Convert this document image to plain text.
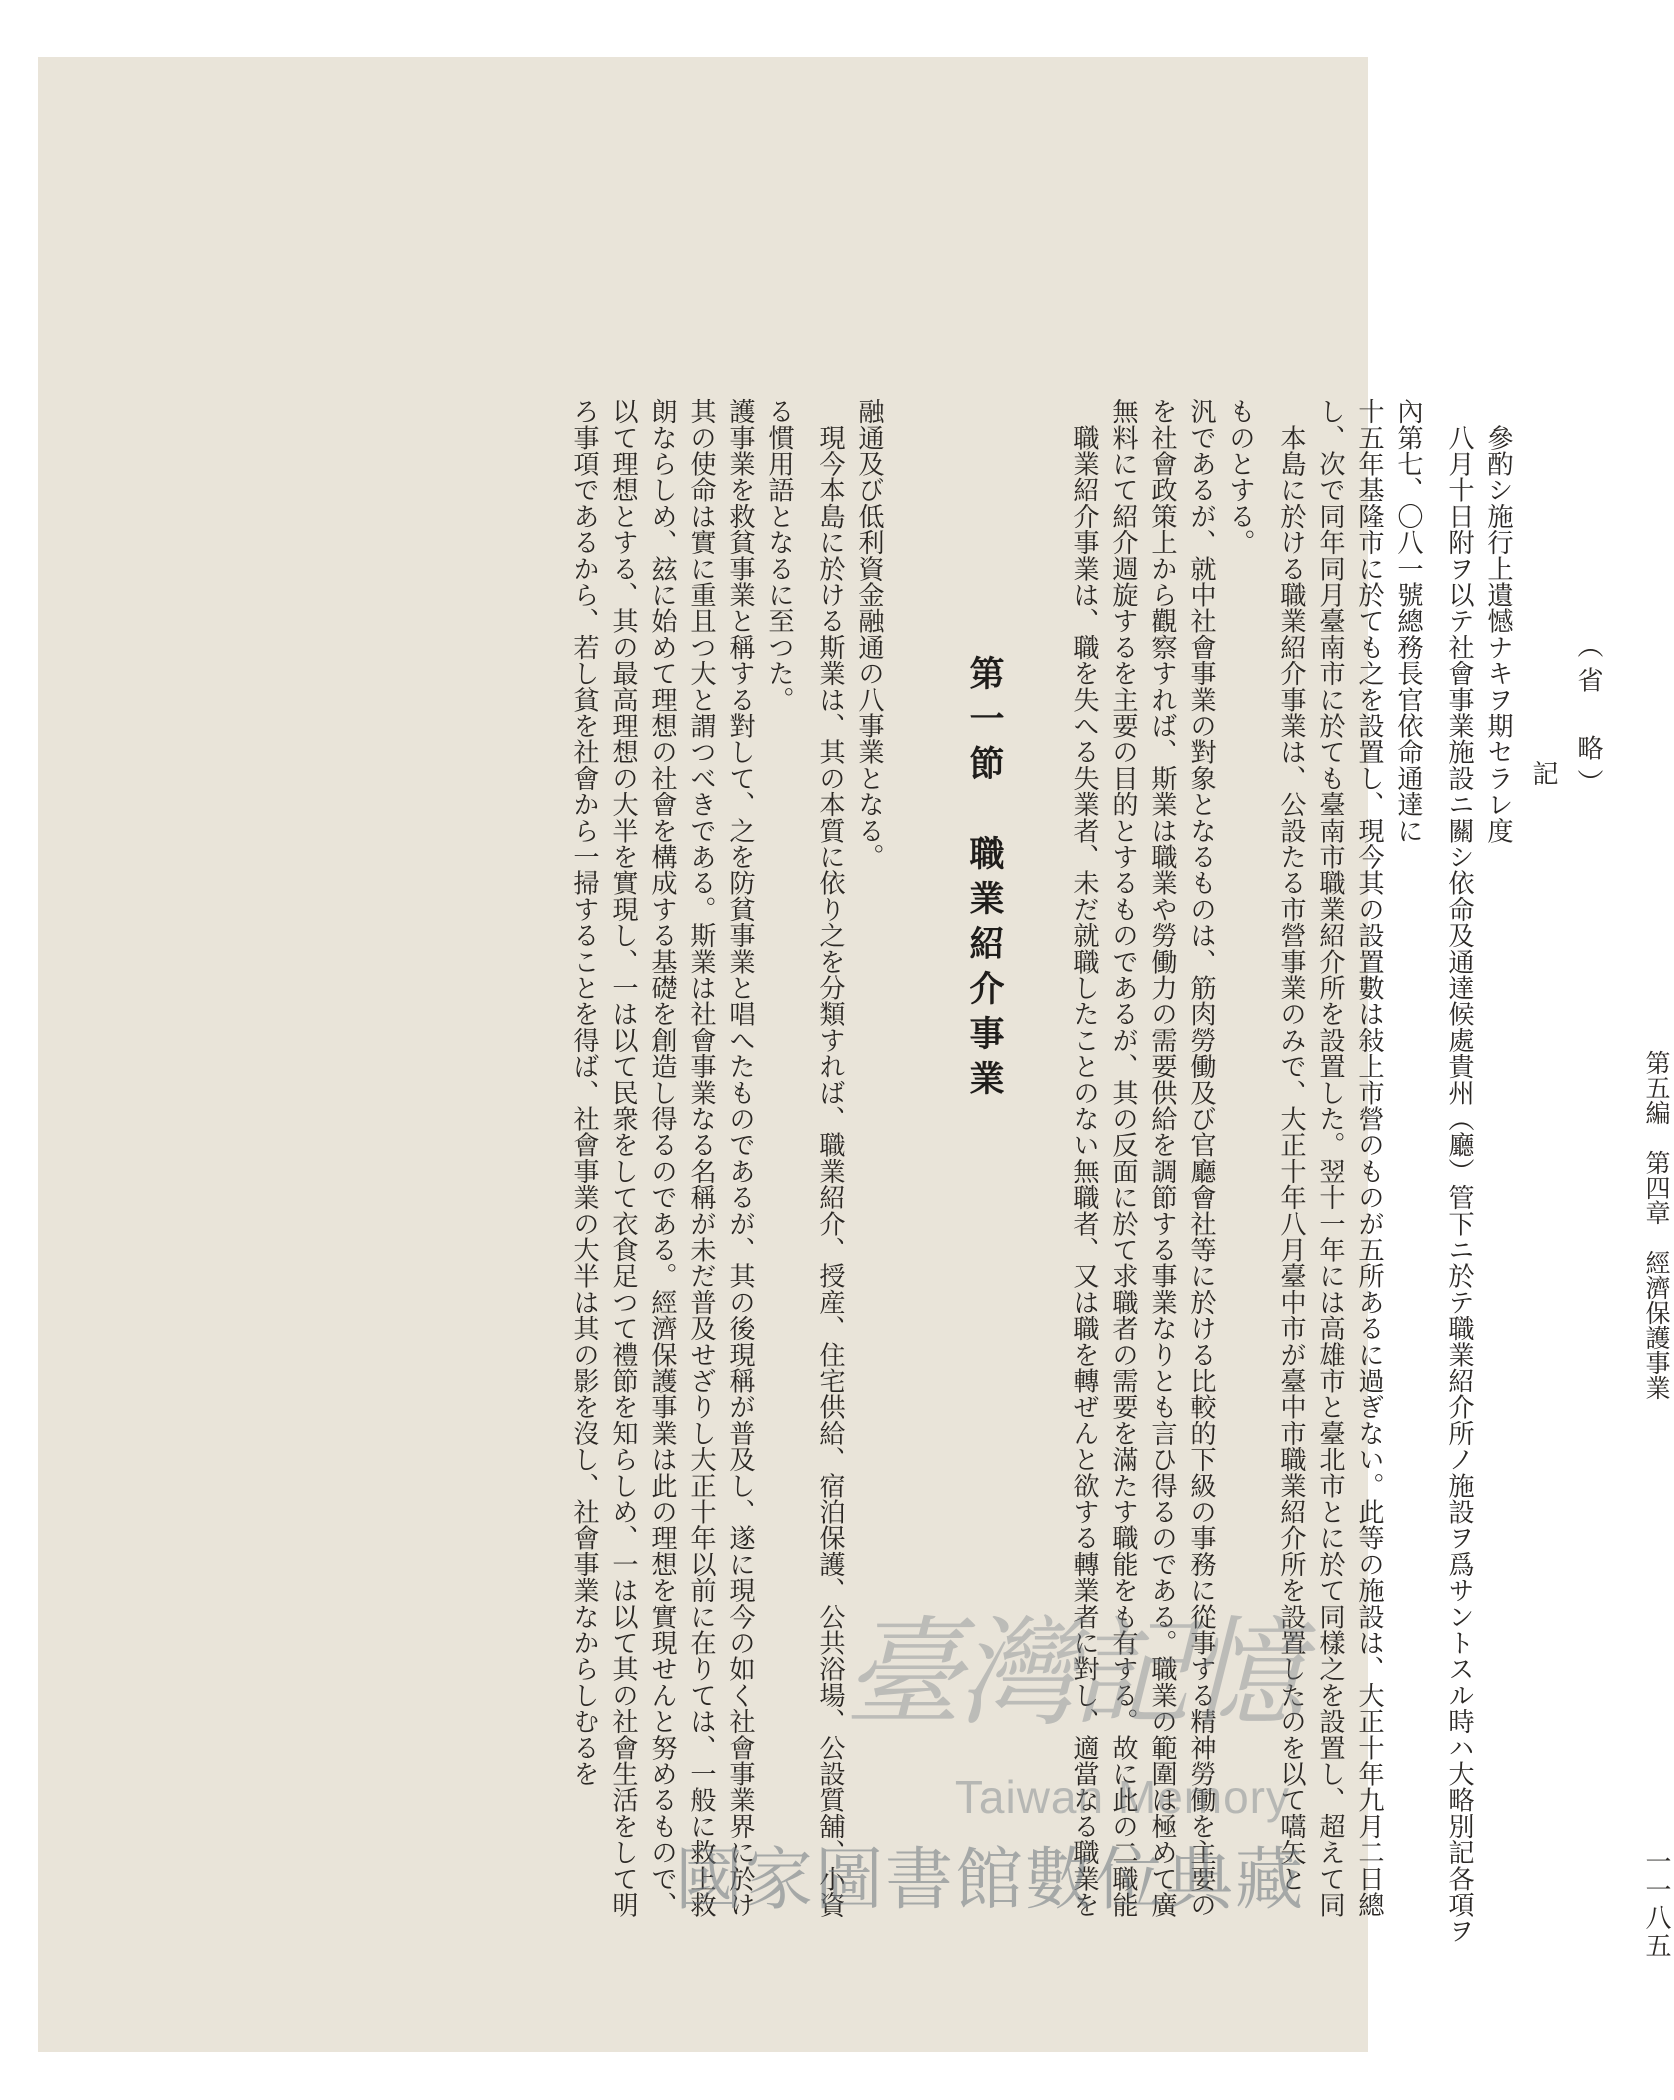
ろ事項であるから、若し貧を社會から一掃することを得ば、社會事業の大半は其の影を沒し、社會事業なからしむるを 以て理想とする、其の最高理想の大半を實現し、一は以て民衆をして衣食足つて禮節を知らしめ、一は以て其の社會生活をして明 朗ならしめ、玆に始めて理想の社會を構成する基礎を創造し得るのである。經濟保護事業は此の理想を實現せんと努めるもので、 其の使命は實に重且つ大と謂つべきである。斯業は社會事業なる名稱が未だ普及せざりし大正十年以前に在りては、一般に救上救 護事業を救貧事業と稱する對して、之を防貧事業と唱へたものであるが、其の後現稱が普及し、遂に現今の如く社會事業界に於け る慣用語となるに至つた。 　現今本島に於ける斯業は、其の本質に依り之を分類すれば、職業紹介、授産、住宅供給、宿泊保護、公共浴場、公設質舖、小資 融通及び低利資金融通の八事業となる。
第一節　職業紹介事業 　職業紹介事業は、職を失へる失業者、未だ就職したことのない無職者、又は職を轉ぜんと欲する轉業者に對し、適當なる職業を 無料にて紹介週旋するを主要の目的とするものであるが、其の反面に於て求職者の需要を滿たす職能をも有する。故に此の二職能 を社會政策上から觀察すれば、斯業は職業や勞働力の需要供給を調節する事業なりとも言ひ得るのである。職業の範圍は極めて廣 汎であるが、就中社會事業の對象となるものは、筋肉勞働及び官廳會社等に於ける比較的下級の事務に從事する精神勞働を主要の ものとする。 　本島に於ける職業紹介事業は、公設たる市營事業のみで、大正十年八月臺中市が臺中市職業紹介所を設置したのを以て嚆矢と し、次で同年同月臺南市に於ても臺南市職業紹介所を設置した。翌十一年には高雄市と臺北市とに於て同樣之を設置し、超えて同 十五年基隆市に於ても之を設置し、現今其の設置數は敍上市營のものが五所あるに過ぎない。此等の施設は、大正十年九月二日總 內第七、〇八一號總務長官依命通達に 　八月十日附ヲ以テ社會事業施設ニ關シ依命及通達候處貴州（廳）管下ニ於テ職業紹介所ノ施設ヲ爲サントスル時ハ大略別記各項ヲ 　參酌シ施行上遺憾ナキヲ期セラレ度 記 （省　略）
第五編　第四章　經濟保護事業
一一八五
臺灣記憶
Taiwan Memory
國家圖書館數位典藏
